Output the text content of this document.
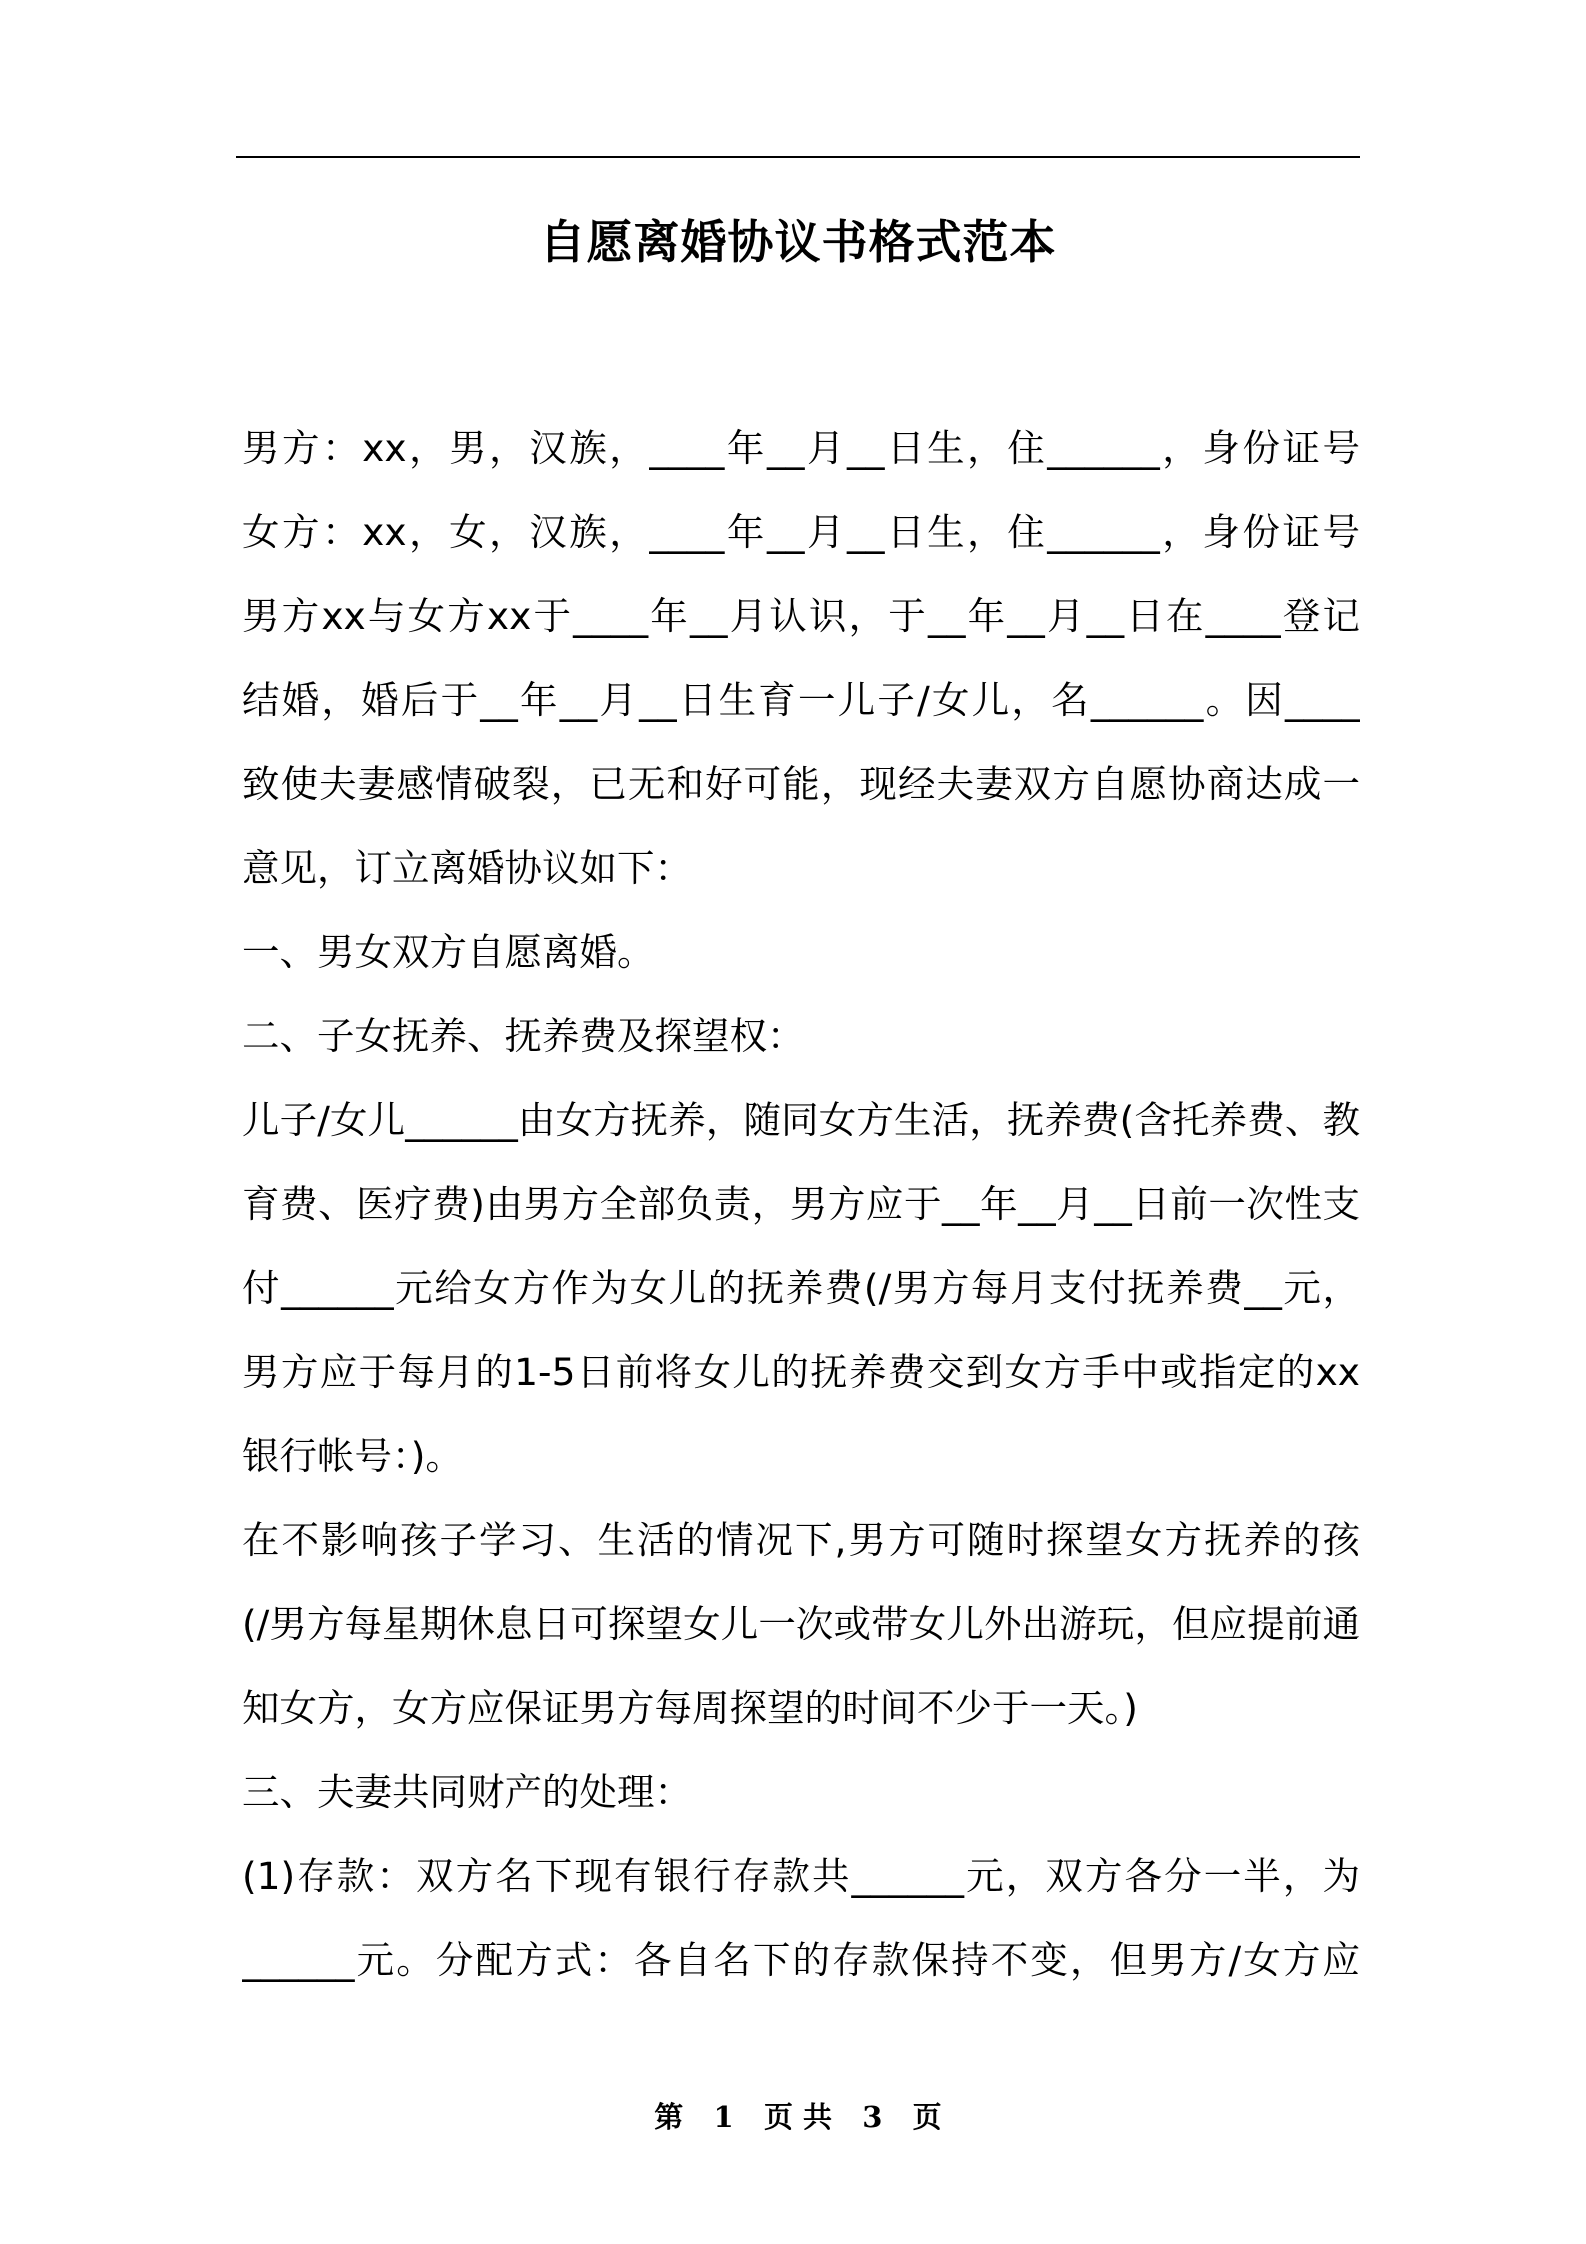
自愿离婚协议书格式范本
男方：xx，男，汉族，____年__月__日生，住______，身份证号
女方：xx，女，汉族，____年__月__日生，住______，身份证号
男方xx与女方xx于____年__月认识，于__年__月__日在____登记
结婚，婚后于__年__月__日生育一儿子/女儿，名______。因____
致使夫妻感情破裂，已无和好可能，现经夫妻双方自愿协商达成一
意见，订立离婚协议如下：
一、男女双方自愿离婚。
二、子女抚养、抚养费及探望权：
儿子/女儿______由女方抚养，随同女方生活，抚养费(含托养费、教
育费、医疗费)由男方全部负责，男方应于__年__月__日前一次性支
付______元给女方作为女儿的抚养费(/男方每月支付抚养费__元，
男方应于每月的1-5日前将女儿的抚养费交到女方手中或指定的xx
银行帐号：)。
在不影响孩子学习、生活的情况下,男方可随时探望女方抚养的孩
(/男方每星期休息日可探望女儿一次或带女儿外出游玩，但应提前通
知女方，女方应保证男方每周探望的时间不少于一天。)
三、夫妻共同财产的处理：
(1)存款：双方名下现有银行存款共______元，双方各分一半，为
______元。分配方式：各自名下的存款保持不变，但男方/女方应
第 1 页 共 3 页
